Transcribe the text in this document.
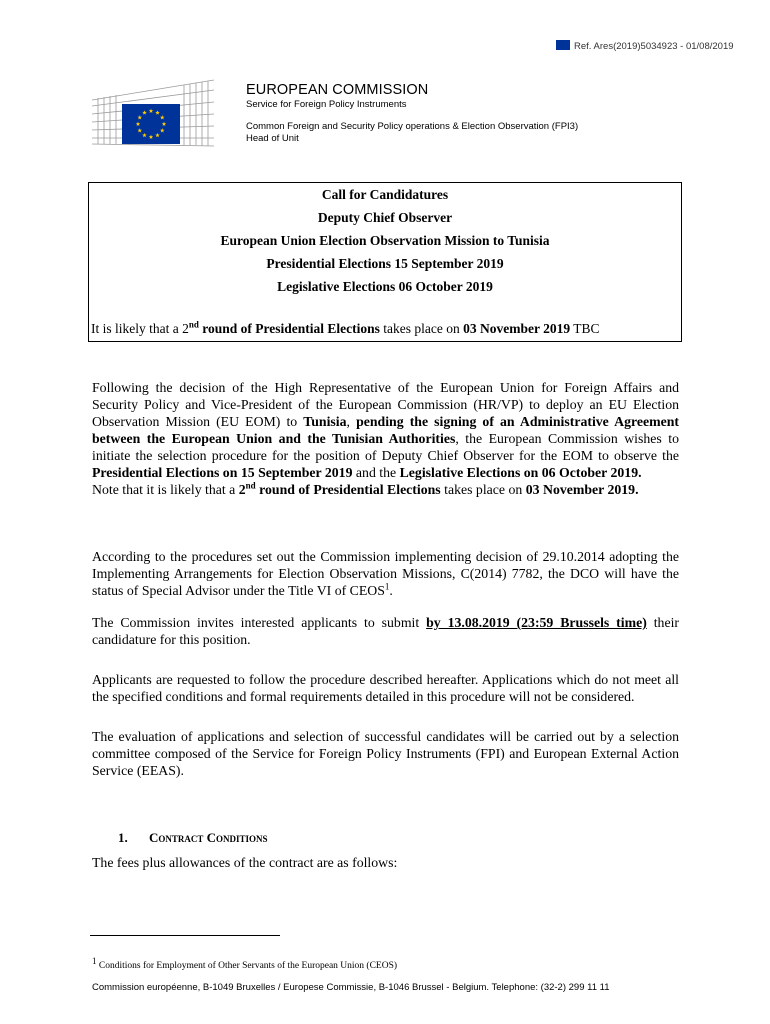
Ref. Ares(2019)5034923 - 01/08/2019
EUROPEAN COMMISSION
Service for Foreign Policy Instruments
Common Foreign and Security Policy operations & Election Observation (FPI3)
Head of Unit
Call for Candidatures
Deputy Chief Observer
European Union Election Observation Mission to Tunisia
Presidential Elections 15 September 2019
Legislative Elections 06 October 2019
It is likely that a 2nd round of Presidential Elections takes place on 03 November 2019 TBC

Following the decision of the High Representative of the European Union for Foreign Affairs and Security Policy and Vice-President of the European Commission (HR/VP) to deploy an EU Election Observation Mission (EU EOM) to Tunisia, pending the signing of an Administrative Agreement between the European Union and the Tunisian Authorities, the European Commission wishes to initiate the selection procedure for the position of Deputy Chief Observer for the EOM to observe the Presidential Elections on 15 September 2019 and the Legislative Elections on 06 October 2019.

Note that it is likely that a 2nd round of Presidential Elections takes place on 03 November 2019.

According to the procedures set out the Commission implementing decision of 29.10.2014 adopting the Implementing Arrangements for Election Observation Missions, C(2014) 7782, the DCO will have the status of Special Advisor under the Title VI of CEOS$^1$.

The Commission invites interested applicants to submit by 13.08.2019 (23:59 Brussels time) their candidature for this position.

Applicants are requested to follow the procedure described hereafter. Applications which do not meet all the specified conditions and formal requirements detailed in this procedure will not be considered.

The evaluation of applications and selection of successful candidates will be carried out by a selection committee composed of the Service for Foreign Policy Instruments (FPI) and European External Action Service (EEAS).

1. Contract Conditions

The fees plus allowances of the contract are as follows:

$^1$ Conditions for Employment of Other Servants of the European Union (CEOS)
Commission européenne, B-1049 Bruxelles / Europese Commissie, B-1046 Brussel - Belgium. Telephone: (32-2) 299 11 11
